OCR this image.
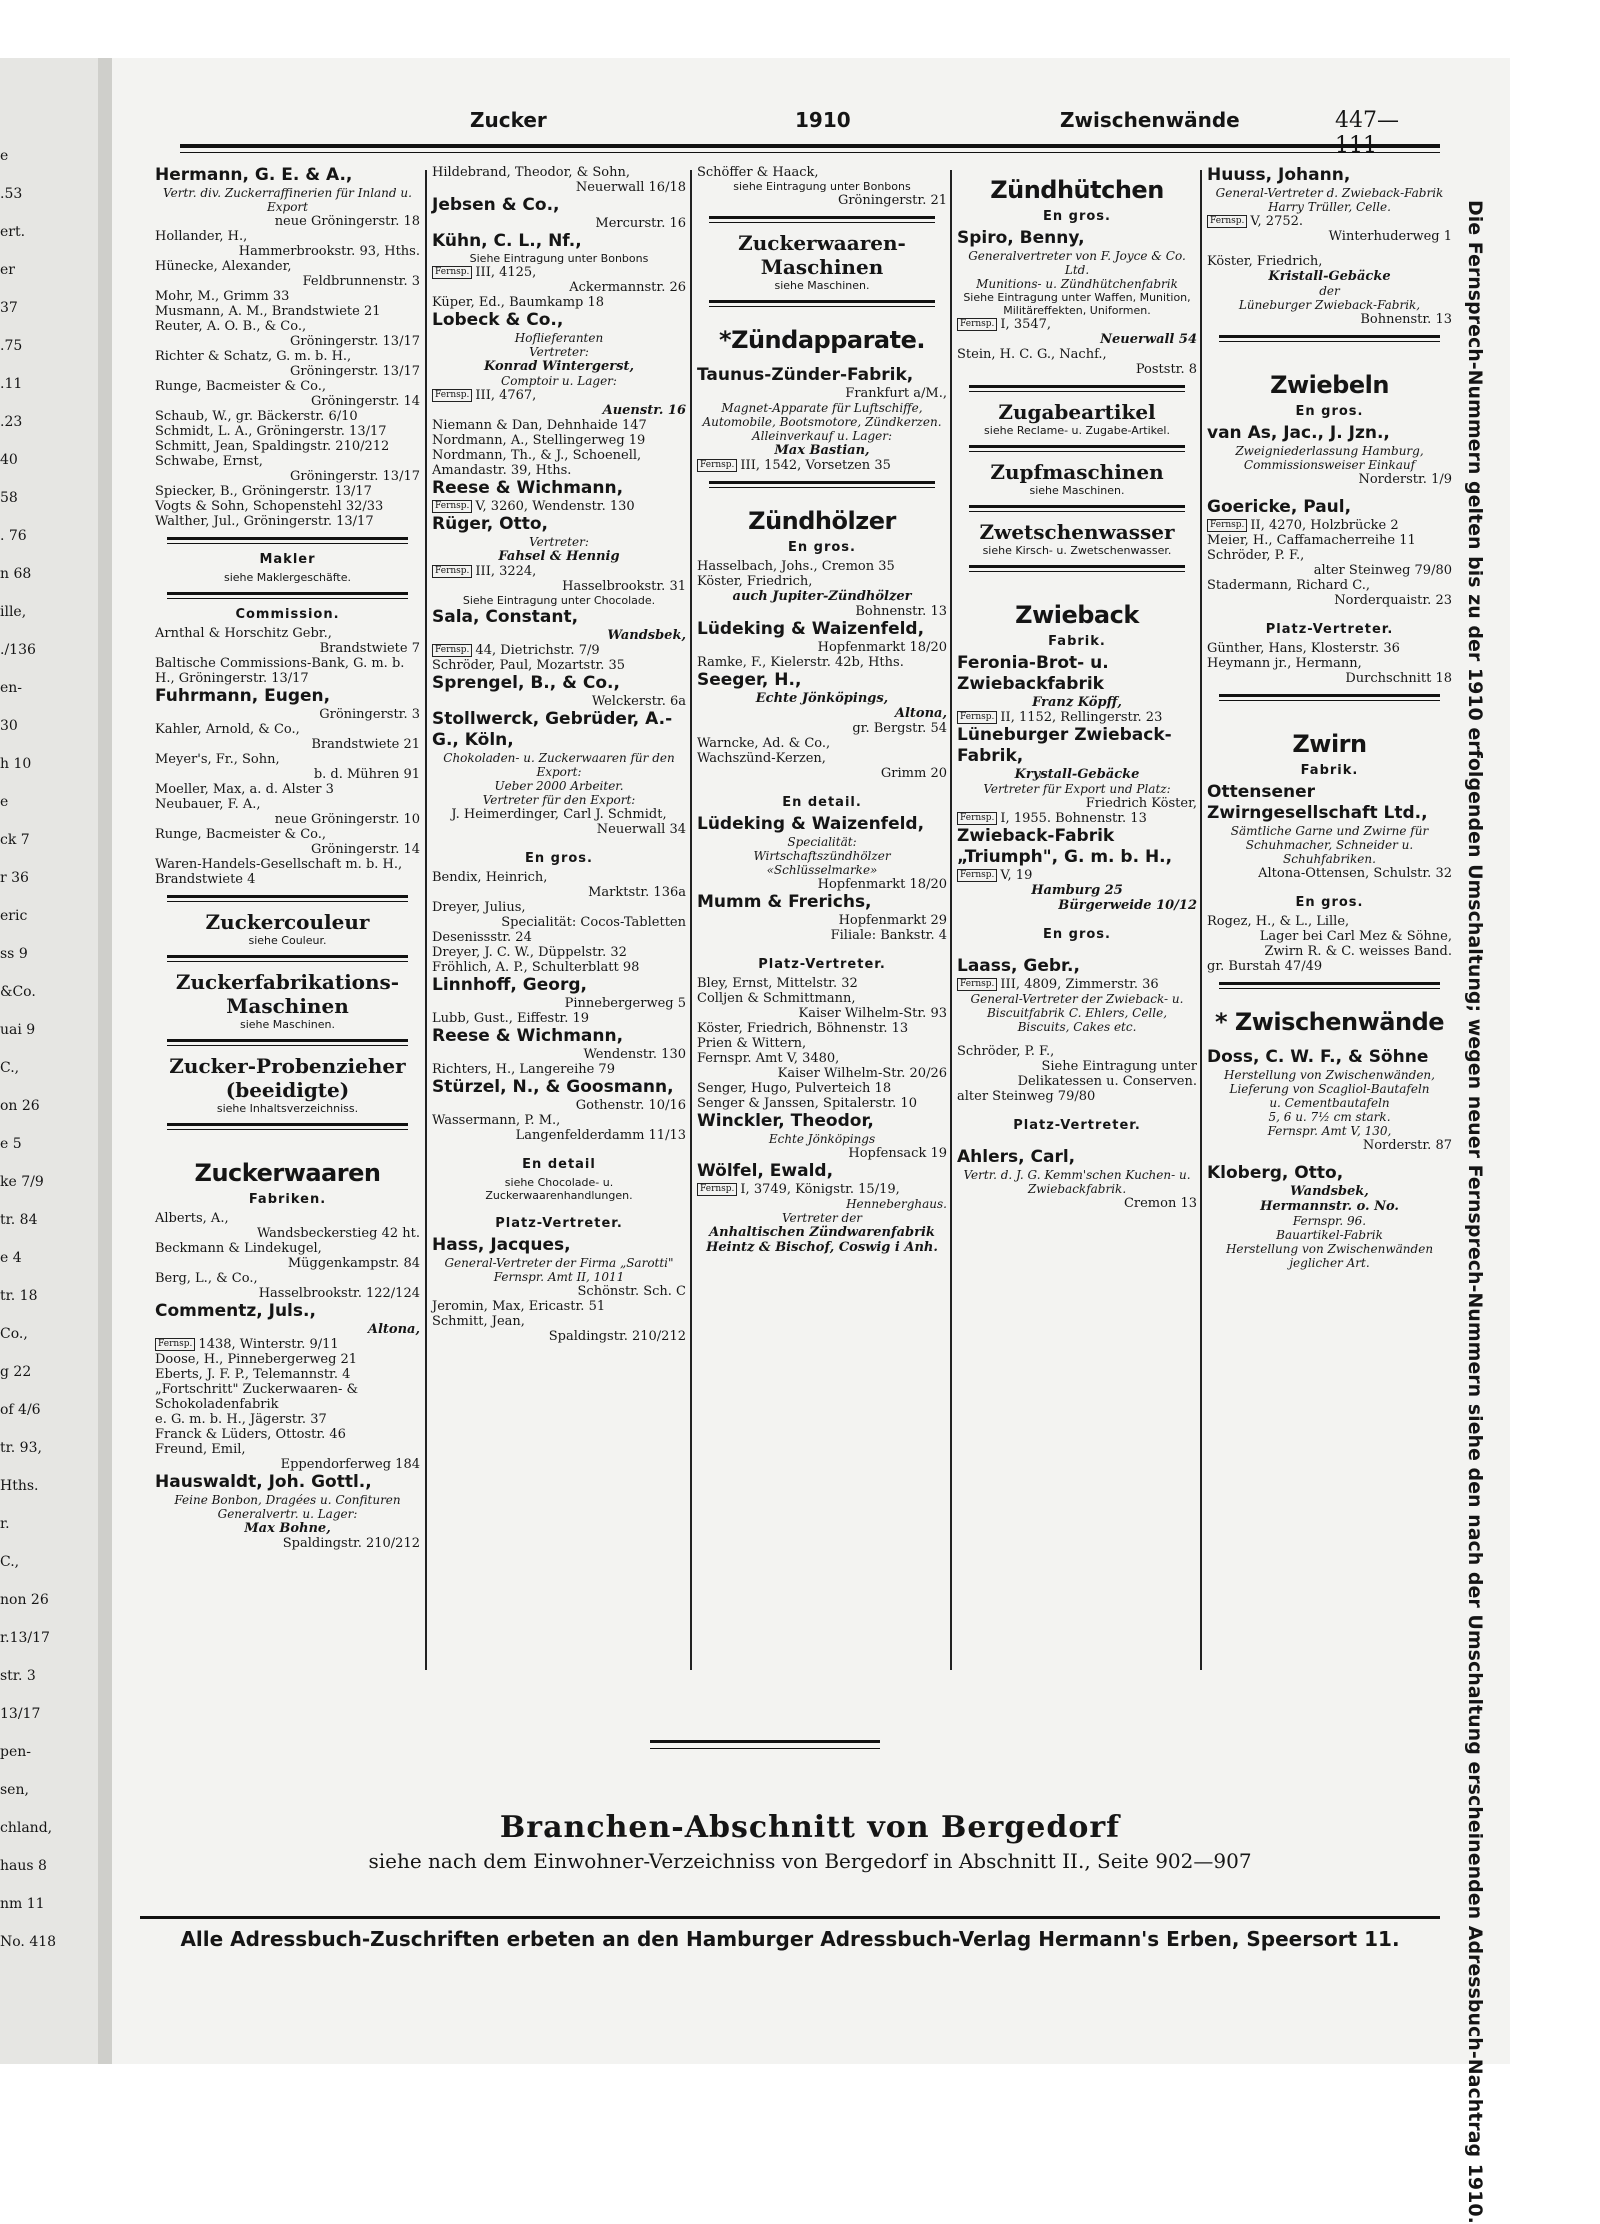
e
.53
ert.
er
37
.75
.11
.23
40
58
. 76
n 68
ille,
./136
en-
30
h 10
e
ck 7
r 36
eric
ss 9
&Co.
uai 9
C.,
on 26
e 5
ke 7/9
tr. 84
e 4
tr. 18
Co.,
g 22
of 4/6
tr. 93,
Hths.
r.
C.,
non 26
r.13/17
str. 3
13/17
pen-
sen,
chland,
haus 8
nm 11
No. 418
Zucker	1910	Zwischenwände	447—111
Hermann, G. E. & A.,
Vertr. div. Zuckerraffinerien für Inland u. Export
neue Gröningerstr. 18
Hollander, H.,
Hammerbrookstr. 93, Hths.
Hünecke, Alexander,
Feldbrunnenstr. 3
Mohr, M., Grimm 33
Musmann, A. M., Brandstwiete 21
Reuter, A. O. B., & Co.,
Gröningerstr. 13/17
Richter & Schatz, G. m. b. H.,
Gröningerstr. 13/17
Runge, Bacmeister & Co.,
Gröningerstr. 14
Schaub, W., gr. Bäckerstr. 6/10
Schmidt, L. A., Gröningerstr. 13/17
Schmitt, Jean, Spaldingstr. 210/212
Schwabe, Ernst,
Gröningerstr. 13/17
Spiecker, B., Gröningerstr. 13/17
Vogts & Sohn, Schopenstehl 32/33
Walther, Jul., Gröningerstr. 13/17
Makler
siehe Maklergeschäfte.
Commission.
Arnthal & Horschitz Gebr.,
Brandstwiete 7
Baltische Commissions-Bank, G. m. b. H., Gröningerstr. 13/17
Fuhrmann, Eugen,
Gröningerstr. 3
Kahler, Arnold, & Co.,
Brandstwiete 21
Meyer's, Fr., Sohn,
b. d. Mühren 91
Moeller, Max, a. d. Alster 3
Neubauer, F. A.,
neue Gröningerstr. 10
Runge, Bacmeister & Co.,
Gröningerstr. 14
Waren-Handels-Gesellschaft m. b. H., Brandstwiete 4
Zuckercouleur
siehe Couleur.
Zuckerfabrikations-Maschinen
siehe Maschinen.
Zucker-Probenzieher (beeidigte)
siehe Inhaltsverzeichniss.
Zuckerwaaren
Fabriken.
Alberts, A.,
Wandsbeckerstieg 42 ht.
Beckmann & Lindekugel,
Müggenkampstr. 84
Berg, L., & Co.,
Hasselbrookstr. 122/124
Commentz, Juls.,
Altona,
Fernsp. 1438, Winterstr. 9/11
Doose, H., Pinnebergerweg 21
Eberts, J. F. P., Telemannstr. 4
„Fortschritt" Zuckerwaaren- & Schokoladenfabrik
e. G. m. b. H., Jägerstr. 37
Franck & Lüders, Ottostr. 46
Freund, Emil,
Eppendorferweg 184
Hauswaldt, Joh. Gottl.,
Feine Bonbon, Dragées u. Confituren
Generalvertr. u. Lager:
Max Bohne,
Spaldingstr. 210/212
Hildebrand, Theodor, & Sohn,
Neuerwall 16/18
Jebsen & Co.,
Mercurstr. 16
Kühn, C. L., Nf.,
Siehe Eintragung unter Bonbons
Fernsp. III, 4125,
Ackermannstr. 26
Küper, Ed., Baumkamp 18
Lobeck & Co.,
Hoflieferanten
Vertreter:
Konrad Wintergerst,
Comptoir u. Lager:
Fernsp. III, 4767,
Auenstr. 16
Niemann & Dan, Dehnhaide 147
Nordmann, A., Stellingerweg 19
Nordmann, Th., & J., Schoenell, Amandastr. 39, Hths.
Reese & Wichmann,
Fernsp. V, 3260, Wendenstr. 130
Rüger, Otto,
Vertreter:
Fahsel & Hennig
Fernsp. III, 3224,
Hasselbrookstr. 31
Siehe Eintragung unter Chocolade.
Sala, Constant,
Wandsbek,
Fernsp. 44, Dietrichstr. 7/9
Schröder, Paul, Mozartstr. 35
Sprengel, B., & Co.,
Welckerstr. 6a
Stollwerck, Gebrüder, A.-G., Köln,
Chokoladen- u. Zuckerwaaren für den Export:
Ueber 2000 Arbeiter.
Vertreter für den Export:
J. Heimerdinger, Carl J. Schmidt,
Neuerwall 34
En gros.
Bendix, Heinrich,
Marktstr. 136a
Dreyer, Julius,
Specialität: Cocos-Tabletten
Desenissstr. 24
Dreyer, J. C. W., Düppelstr. 32
Fröhlich, A. P., Schulterblatt 98
Linnhoff, Georg,
Pinnebergerweg 5
Lubb, Gust., Eiffestr. 19
Reese & Wichmann,
Wendenstr. 130
Richters, H., Langereihe 79
Stürzel, N., & Goosmann,
Gothenstr. 10/16
Wassermann, P. M.,
Langenfelderdamm 11/13
En detail
siehe Chocolade- u. Zuckerwaarenhandlungen.
Platz-Vertreter.
Hass, Jacques,
General-Vertreter der Firma „Sarotti"
Fernspr. Amt II, 1011
Schönstr. Sch. C
Jeromin, Max, Ericastr. 51
Schmitt, Jean,
Spaldingstr. 210/212
Schöffer & Haack,
siehe Eintragung unter Bonbons
Gröningerstr. 21
Zuckerwaaren-Maschinen
siehe Maschinen.
*Zündapparate.
Taunus-Zünder-Fabrik,
Frankfurt a/M.,
Magnet-Apparate für Luftschiffe, Automobile, Bootsmotore, Zündkerzen.
Alleinverkauf u. Lager:
Max Bastian,
Fernsp. III, 1542, Vorsetzen 35
Zündhölzer
En gros.
Hasselbach, Johs., Cremon 35
Köster, Friedrich,
auch Jupiter-Zündhölzer
Bohnenstr. 13
Lüdeking & Waizenfeld,
Hopfenmarkt 18/20
Ramke, F., Kielerstr. 42b, Hths.
Seeger, H.,
Echte Jönköpings,
Altona,
gr. Bergstr. 54
Warncke, Ad. & Co.,
Wachszünd-Kerzen,
Grimm 20
En detail.
Lüdeking & Waizenfeld,
Specialität:
Wirtschaftszündhölzer
«Schlüsselmarke»
Hopfenmarkt 18/20
Mumm & Frerichs,
Hopfenmarkt 29
Filiale: Bankstr. 4
Platz-Vertreter.
Bley, Ernst, Mittelstr. 32
Colljen & Schmittmann,
Kaiser Wilhelm-Str. 93
Köster, Friedrich, Böhnenstr. 13
Prien & Wittern,
Fernspr. Amt V, 3480,
Kaiser Wilhelm-Str. 20/26
Senger, Hugo, Pulverteich 18
Senger & Janssen, Spitalerstr. 10
Winckler, Theodor,
Echte Jönköpings
Hopfensack 19
Wölfel, Ewald,
Fernsp. I, 3749, Königstr. 15/19,
Henneberghaus.
Vertreter der
Anhaltischen Zündwarenfabrik Heintz & Bischof, Coswig i Anh.
Zündhütchen
En gros.
Spiro, Benny,
Generalvertreter von F. Joyce & Co. Ltd.
Munitions- u. Zündhütchenfabrik
Siehe Eintragung unter Waffen, Munition, Militäreffekten, Uniformen.
Fernsp. I, 3547,
Neuerwall 54
Stein, H. C. G., Nachf.,
Poststr. 8
Zugabeartikel
siehe Reclame- u. Zugabe-Artikel.
Zupfmaschinen
siehe Maschinen.
Zwetschenwasser
siehe Kirsch- u. Zwetschenwasser.
Zwieback
Fabrik.
Feronia-Brot- u. Zwiebackfabrik
Franz Köpff,
Fernsp. II, 1152, Rellingerstr. 23
Lüneburger Zwieback-Fabrik,
Krystall-Gebäcke
Vertreter für Export und Platz:
Friedrich Köster,
Fernsp. I, 1955. Bohnenstr. 13
Zwieback-Fabrik „Triumph", G. m. b. H.,
Fernsp. V, 19
Hamburg 25
Bürgerweide 10/12
En gros.
Laass, Gebr.,
Fernsp. III, 4809, Zimmerstr. 36
General-Vertreter der Zwieback- u. Biscuitfabrik C. Ehlers, Celle,
Biscuits, Cakes etc.
Schröder, P. F.,
Siehe Eintragung unter Delikatessen u. Conserven.
alter Steinweg 79/80
Platz-Vertreter.
Ahlers, Carl,
Vertr. d. J. G. Kemm'schen Kuchen- u. Zwiebackfabrik.
Cremon 13
Huuss, Johann,
General-Vertreter d. Zwieback-Fabrik Harry Trüller, Celle.
Fernsp. V, 2752.
Winterhuderweg 1
Köster, Friedrich,
Kristall-Gebäcke
der
Lüneburger Zwieback-Fabrik,
Bohnenstr. 13
Zwiebeln
En gros.
van As, Jac., J. Jzn.,
Zweigniederlassung Hamburg,
Commissionsweiser Einkauf
Norderstr. 1/9
Goericke, Paul,
Fernsp. II, 4270, Holzbrücke 2
Meier, H., Caffamacherreihe 11
Schröder, P. F.,
alter Steinweg 79/80
Stadermann, Richard C.,
Norderquaistr. 23
Platz-Vertreter.
Günther, Hans, Klosterstr. 36
Heymann jr., Hermann,
Durchschnitt 18
Zwirn
Fabrik.
Ottensener Zwirngesellschaft Ltd.,
Sämtliche Garne und Zwirne für Schuhmacher, Schneider u. Schuhfabriken.
Altona-Ottensen, Schulstr. 32
En gros.
Rogez, H., & L., Lille,
Lager bei Carl Mez & Söhne, Zwirn R. & C. weisses Band.
gr. Burstah 47/49
* Zwischenwände
Doss, C. W. F., & Söhne
Herstellung von Zwischenwänden,
Lieferung von Scagliol-Bautafeln
u. Cementbautafeln
5, 6 u. 7½ cm stark.
Fernspr. Amt V, 130,
Norderstr. 87
Kloberg, Otto,
Wandsbek,
Hermannstr. o. No.
Fernspr. 96.
Bauartikel-Fabrik
Herstellung von Zwischenwänden jeglicher Art.	Die Fernsprech-Nummern gelten bis zu der 1910 erfolgenden Umschaltung; wegen neuer Fernsprech-Nummern siehe den nach der Umschaltung erscheinenden Adressbuch-Nachtrag 1910.
Branchen-Abschnitt von Bergedorf
siehe nach dem Einwohner-Verzeichniss von Bergedorf in Abschnitt II., Seite 902—907
Alle Adressbuch-Zuschriften erbeten an den Hamburger Adressbuch-Verlag Hermann's Erben, Speersort 11.
